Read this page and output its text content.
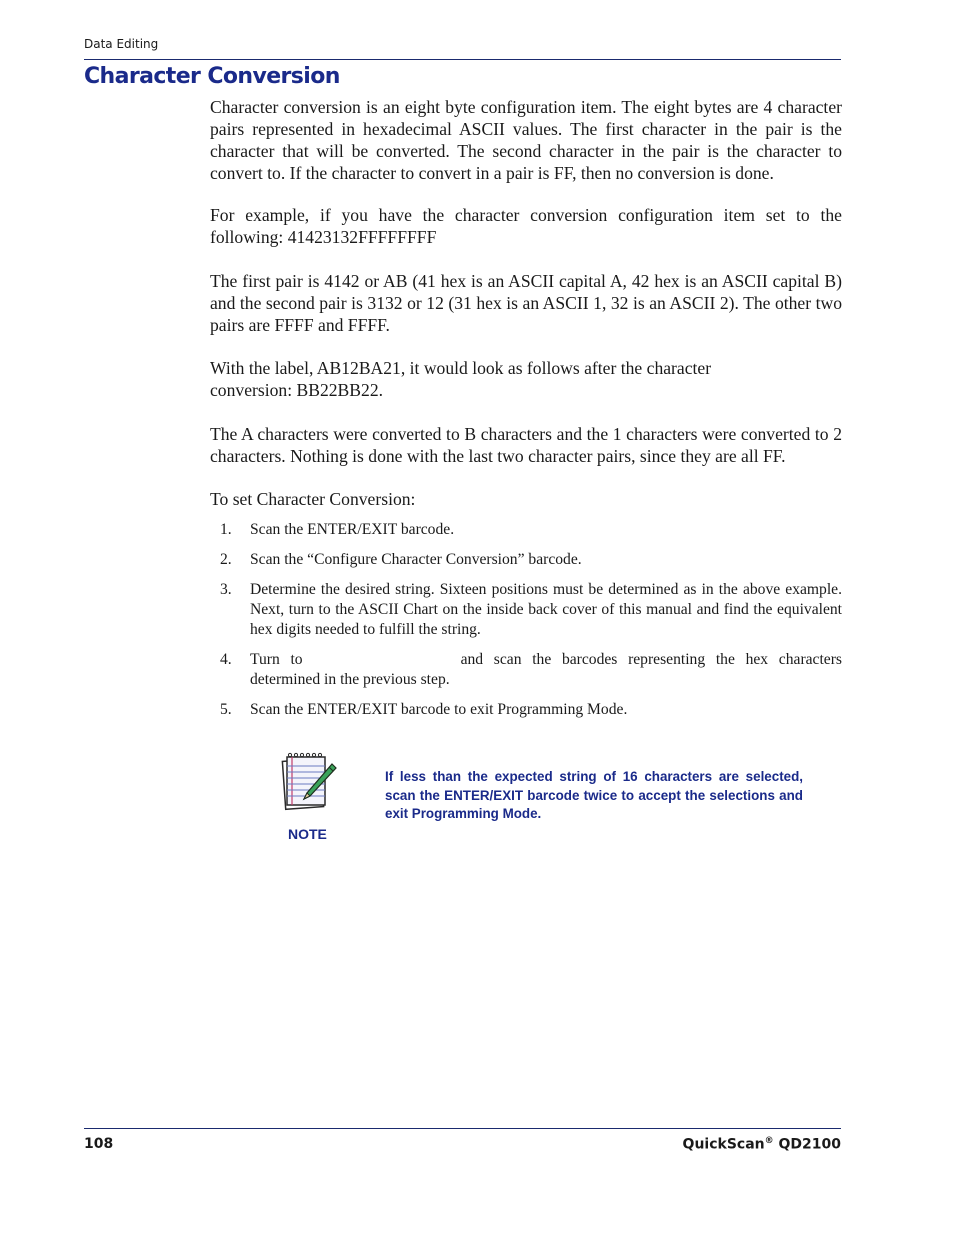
Data Editing
Character Conversion

Character conversion is an eight byte configuration item. The eight bytes are 4 character pairs represented in hexadecimal ASCII values. The first character in the pair is the character that will be converted. The second character in the pair is the character to convert to. If the character to convert in a pair is FF, then no conversion is done.

For example, if you have the character conversion configuration item set to the following: 41423132FFFFFFFF

The first pair is 4142 or AB (41 hex is an ASCII capital A, 42 hex is an ASCII capital B) and the second pair is 3132 or 12 (31 hex is an ASCII 1, 32 is an ASCII 2). The other two pairs are FFFF and FFFF.

With the label, AB12BA21, it would look as follows after the character conversion: BB22BB22.

The A characters were converted to B characters and the 1 characters were converted to 2 characters. Nothing is done with the last two character pairs, since they are all FF.

To set Character Conversion:

1. Scan the ENTER/EXIT barcode.
2. Scan the “Configure Character Conversion” barcode.
3. Determine the desired string. Sixteen positions must be determined as in the above example. Next, turn to the ASCII Chart on the inside back cover of this manual and find the equivalent hex digits needed to fulfill the string.
4. Turn to	and scan the barcodes representing the hex characters determined in the previous step.
5. Scan the ENTER/EXIT barcode to exit Programming Mode.
NOTE

If less than the expected string of 16 characters are selected, scan the ENTER/EXIT barcode twice to accept the selections and exit Programming Mode.

108	QuickScan® QD2100
